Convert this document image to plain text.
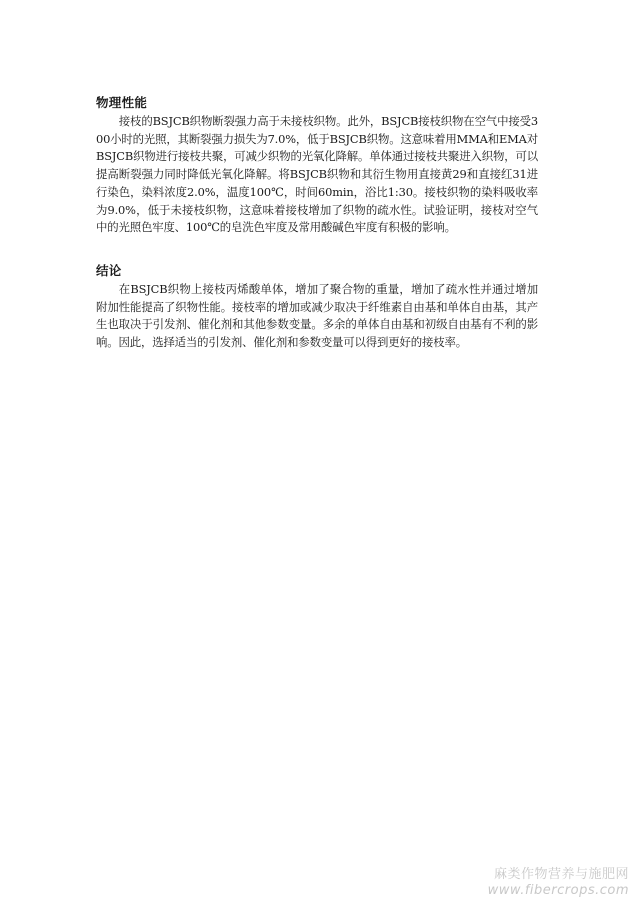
物理性能

接枝的BSJCB织物断裂强力高于未接枝织物。此外，BSJCB接枝织物在空气中接受300小时的光照，其断裂强力损失为7.0%，低于BSJCB织物。这意味着用MMA和EMA对BSJCB织物进行接枝共聚，可减少织物的光氧化降解。单体通过接枝共聚进入织物，可以提高断裂强力同时降低光氧化降解。将BSJCB织物和其衍生物用直接黄29和直接红31进行染色，染料浓度2.0%，温度100℃，时间60min，浴比1:30。接枝织物的染料吸收率为9.0%，低于未接枝织物，这意味着接枝增加了织物的疏水性。试验证明，接枝对空气中的光照色牢度、100℃的皂洗色牢度及常用酸碱色牢度有积极的影响。

结论

在BSJCB织物上接枝丙烯酸单体，增加了聚合物的重量，增加了疏水性并通过增加附加性能提高了织物性能。接枝率的增加或减少取决于纤维素自由基和单体自由基，其产生也取决于引发剂、催化剂和其他参数变量。多余的单体自由基和初级自由基有不利的影响。因此，选择适当的引发剂、催化剂和参数变量可以得到更好的接枝率。

麻类作物营养与施肥网
www.fibercrops.com
